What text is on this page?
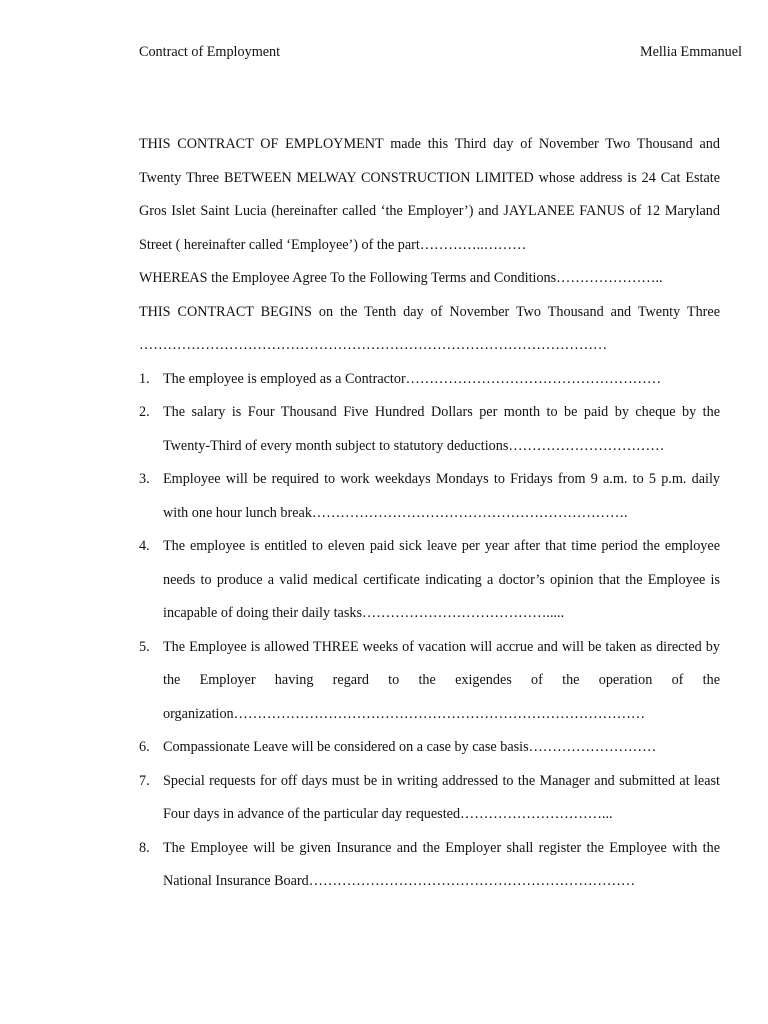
Contract of Employment	Mellia Emmanuel
THIS CONTRACT OF EMPLOYMENT made this Third day of November Two Thousand and Twenty Three BETWEEN MELWAY CONSTRUCTION LIMITED whose address is 24 Cat Estate Gros Islet Saint Lucia (hereinafter called ‘the Employer’) and JAYLANEE FANUS of 12 Maryland Street ( hereinafter called ‘Employee’) of the part…………..………
WHEREAS the Employee Agree To the Following Terms and Conditions…………………..
THIS CONTRACT BEGINS on the Tenth day of November Two Thousand and Twenty Three ………………………………………………………………………………………
1. The employee is employed as a Contractor………………………………………………
2. The salary is Four Thousand Five Hundred Dollars per month to be paid by cheque by the Twenty-Third of every month subject to statutory deductions……………………………
3. Employee will be required to work weekdays Mondays to Fridays from 9 a.m. to 5 p.m. daily with one hour lunch break………………………………………………………….
4. The employee is entitled to eleven paid sick leave per year after that time period the employee needs to produce a valid medical certificate indicating a doctor’s opinion that the Employee is incapable of doing their daily tasks………………………………….....
5. The Employee is allowed THREE weeks of vacation will accrue and will be taken as directed by the Employer having regard to the exigendes of the operation of the organization……………………………………………………………………………
6. Compassionate Leave will be considered on a case by case basis………………………
7. Special requests for off days must be in writing addressed to the Manager and submitted at least Four days in advance of the particular day requested…………………………...
8. The Employee will be given Insurance and the Employer shall register the Employee with the National Insurance Board……………………………………………………………
